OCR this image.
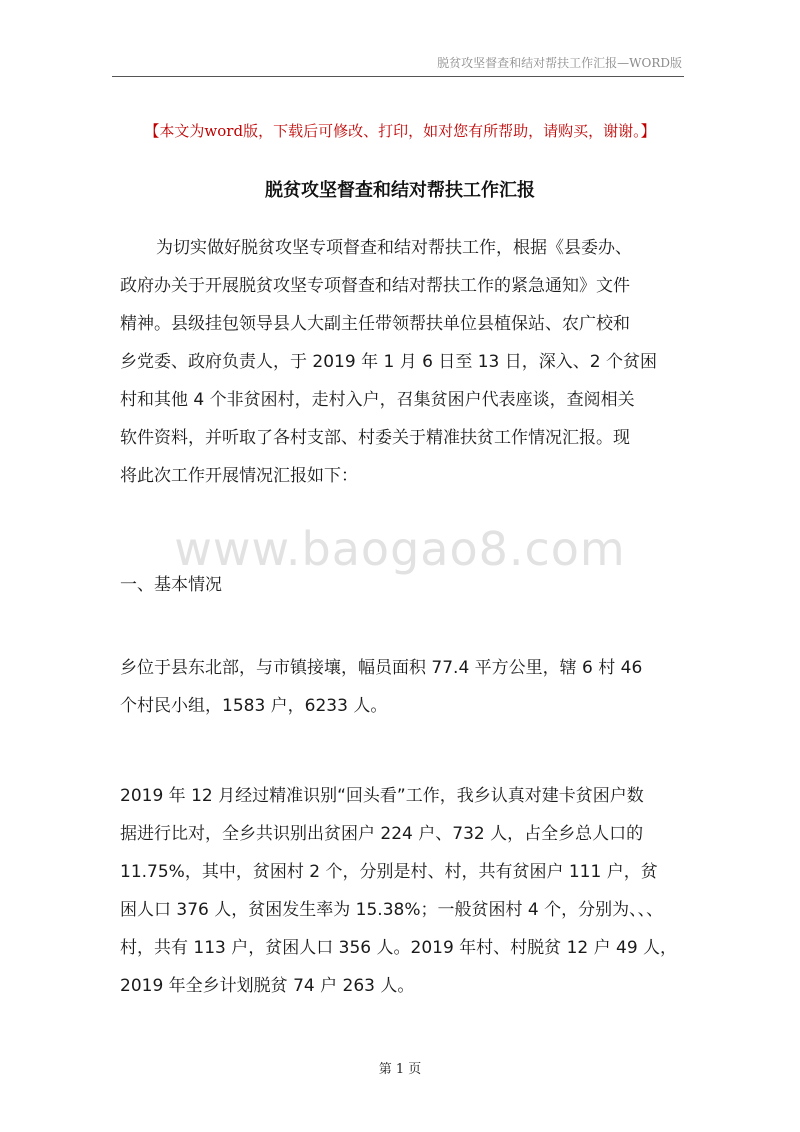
脱贫攻坚督查和结对帮扶工作汇报—WORD版
【本文为word版，下载后可修改、打印，如对您有所帮助，请购买，谢谢。】
脱贫攻坚督查和结对帮扶工作汇报
为切实做好脱贫攻坚专项督查和结对帮扶工作，根据《县委办、
政府办关于开展脱贫攻坚专项督查和结对帮扶工作的紧急通知》文件
精神。县级挂包领导县人大副主任带领帮扶单位县植保站、农广校和
乡党委、政府负责人，于 2019 年 1 月 6 日至 13 日，深入、2 个贫困
村和其他 4 个非贫困村，走村入户，召集贫困户代表座谈，查阅相关
软件资料，并听取了各村支部、村委关于精准扶贫工作情况汇报。现
将此次工作开展情况汇报如下：
www.baogao8.com
一、基本情况
乡位于县东北部，与市镇接壤，幅员面积 77.4 平方公里，辖 6 村 46
个村民小组，1583 户，6233 人。
2019 年 12 月经过精准识别“回头看”工作，我乡认真对建卡贫困户数
据进行比对，全乡共识别出贫困户 224 户、732 人，占全乡总人口的
11.75%，其中，贫困村 2 个，分别是村、村，共有贫困户 111 户，贫
困人口 376 人，贫困发生率为 15.38%；一般贫困村 4 个，分别为、、、
村，共有 113 户，贫困人口 356 人。2019 年村、村脱贫 12 户 49 人，
2019 年全乡计划脱贫 74 户 263 人。
第 1 页
